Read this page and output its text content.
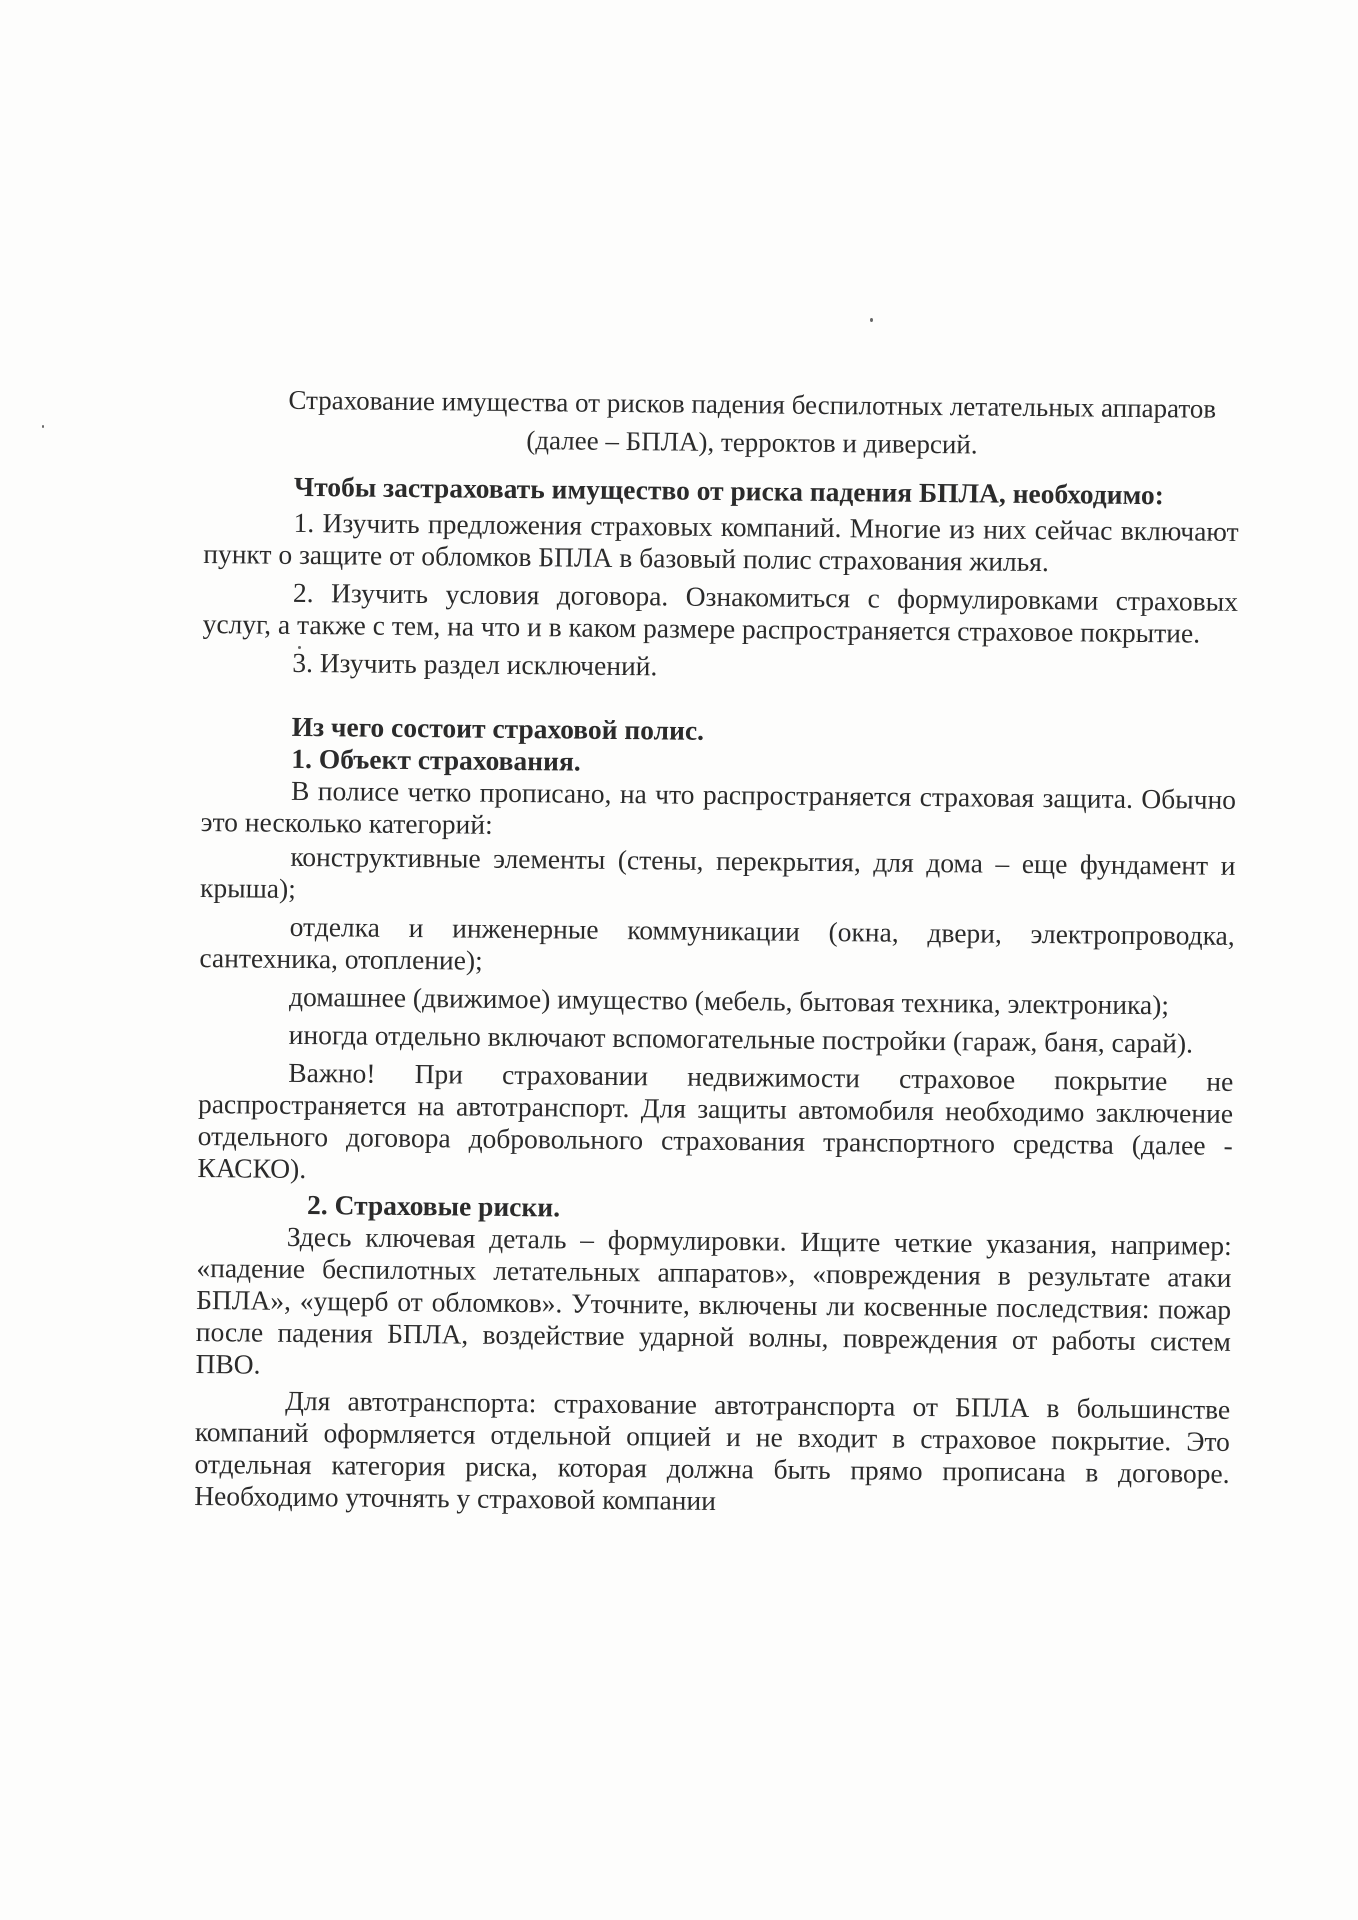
Страхование имущества от рисков падения беспилотных летательных аппаратов (далее – БПЛА), терроктов и диверсий.
Чтобы застраховать имущество от риска падения БПЛА, необходимо:
1. Изучить предложения страховых компаний. Многие из них сейчас включают пункт о защите от обломков БПЛА в базовый полис страхования жилья.
2. Изучить условия договора. Ознакомиться с формулировками страховых услуг, а также с тем, на что и в каком размере распространяется страховое покрытие.
3. Изучить раздел исключений.
Из чего состоит страховой полис.
1. Объект страхования.
В полисе четко прописано, на что распространяется страховая защита. Обычно это несколько категорий:
конструктивные элементы (стены, перекрытия, для дома – еще фундамент и крыша);
отделка и инженерные коммуникации (окна, двери, электропроводка, сантехника, отопление);
домашнее (движимое) имущество (мебель, бытовая техника, электроника);
иногда отдельно включают вспомогательные постройки (гараж, баня, сарай).
Важно! При страховании недвижимости страховое покрытие не распространяется на автотранспорт. Для защиты автомобиля необходимо заключение отдельного договора добровольного страхования транспортного средства (далее - КАСКО).
2. Страховые риски.
Здесь ключевая деталь – формулировки. Ищите четкие указания, например: «падение беспилотных летательных аппаратов», «повреждения в результате атаки БПЛА», «ущерб от обломков». Уточните, включены ли косвенные последствия: пожар после падения БПЛА, воздействие ударной волны, повреждения от работы систем ПВО.
Для автотранспорта: страхование автотранспорта от БПЛА в большинстве компаний оформляется отдельной опцией и не входит в страховое покрытие. Это отдельная категория риска, которая должна быть прямо прописана в договоре. Необходимо уточнять у страховой компании
